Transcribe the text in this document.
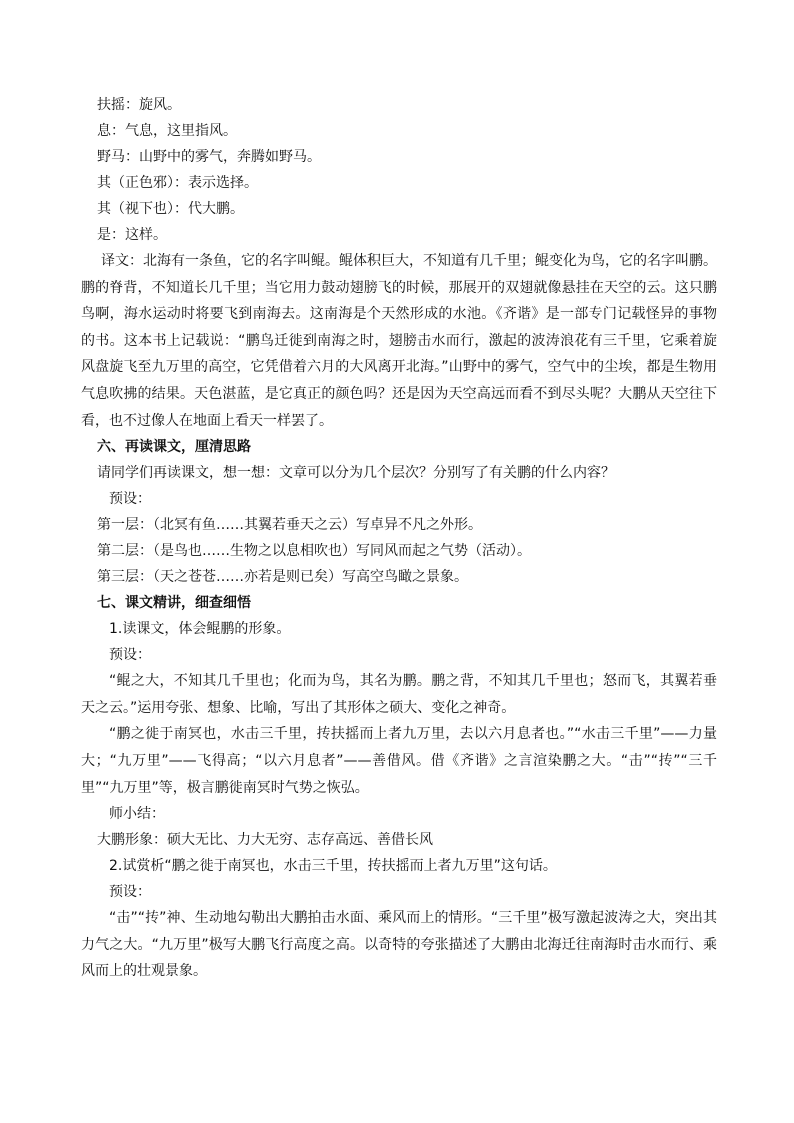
扶摇：旋风。
息：气息，这里指风。
野马：山野中的雾气，奔腾如野马。
其（正色邪）：表示选择。
其（视下也）：代大鹏。
是：这样。

译文：北海有一条鱼，它的名字叫鲲。鲲体积巨大，不知道有几千里；鲲变化为鸟，它的名字叫鹏。鹏的脊背，不知道长几千里；当它用力鼓动翅膀飞的时候，那展开的双翅就像悬挂在天空的云。这只鹏鸟啊，海水运动时将要飞到南海去。这南海是个天然形成的水池。《齐谐》是一部专门记载怪异的事物的书。这本书上记载说：“鹏鸟迁徙到南海之时，翅膀击水而行，激起的波涛浪花有三千里，它乘着旋风盘旋飞至九万里的高空，它凭借着六月的大风离开北海。”山野中的雾气，空气中的尘埃，都是生物用气息吹拂的结果。天色湛蓝，是它真正的颜色吗？还是因为天空高远而看不到尽头呢？大鹏从天空往下看，也不过像人在地面上看天一样罢了。

六、再读课文，厘清思路
请同学们再读课文，想一想：文章可以分为几个层次？分别写了有关鹏的什么内容？
预设：
第一层：（北冥有鱼……其翼若垂天之云）写卓异不凡之外形。
第二层：（是鸟也……生物之以息相吹也）写同风而起之气势（活动）。
第三层：（天之苍苍……亦若是则已矣）写高空鸟瞰之景象。
七、课文精讲，细查细悟
1.读课文，体会鲲鹏的形象。
预设：

“鲲之大，不知其几千里也；化而为鸟，其名为鹏。鹏之背，不知其几千里也；怒而飞，其翼若垂天之云。”运用夸张、想象、比喻，写出了其形体之硕大、变化之神奇。

“鹏之徙于南冥也，水击三千里，抟扶摇而上者九万里，去以六月息者也。”“水击三千里”——力量大；“九万里”——飞得高；“以六月息者”——善借风。借《齐谐》之言渲染鹏之大。“击”“抟”“三千里”“九万里”等，极言鹏徙南冥时气势之恢弘。

师小结：
大鹏形象：硕大无比、力大无穷、志存高远、善借长风
2.试赏析“鹏之徙于南冥也，水击三千里，抟扶摇而上者九万里”这句话。
预设：

“击”“抟”神、生动地勾勒出大鹏拍击水面、乘风而上的情形。“三千里”极写激起波涛之大，突出其力气之大。“九万里”极写大鹏飞行高度之高。以奇特的夸张描述了大鹏由北海迁往南海时击水而行、乘风而上的壮观景象。
